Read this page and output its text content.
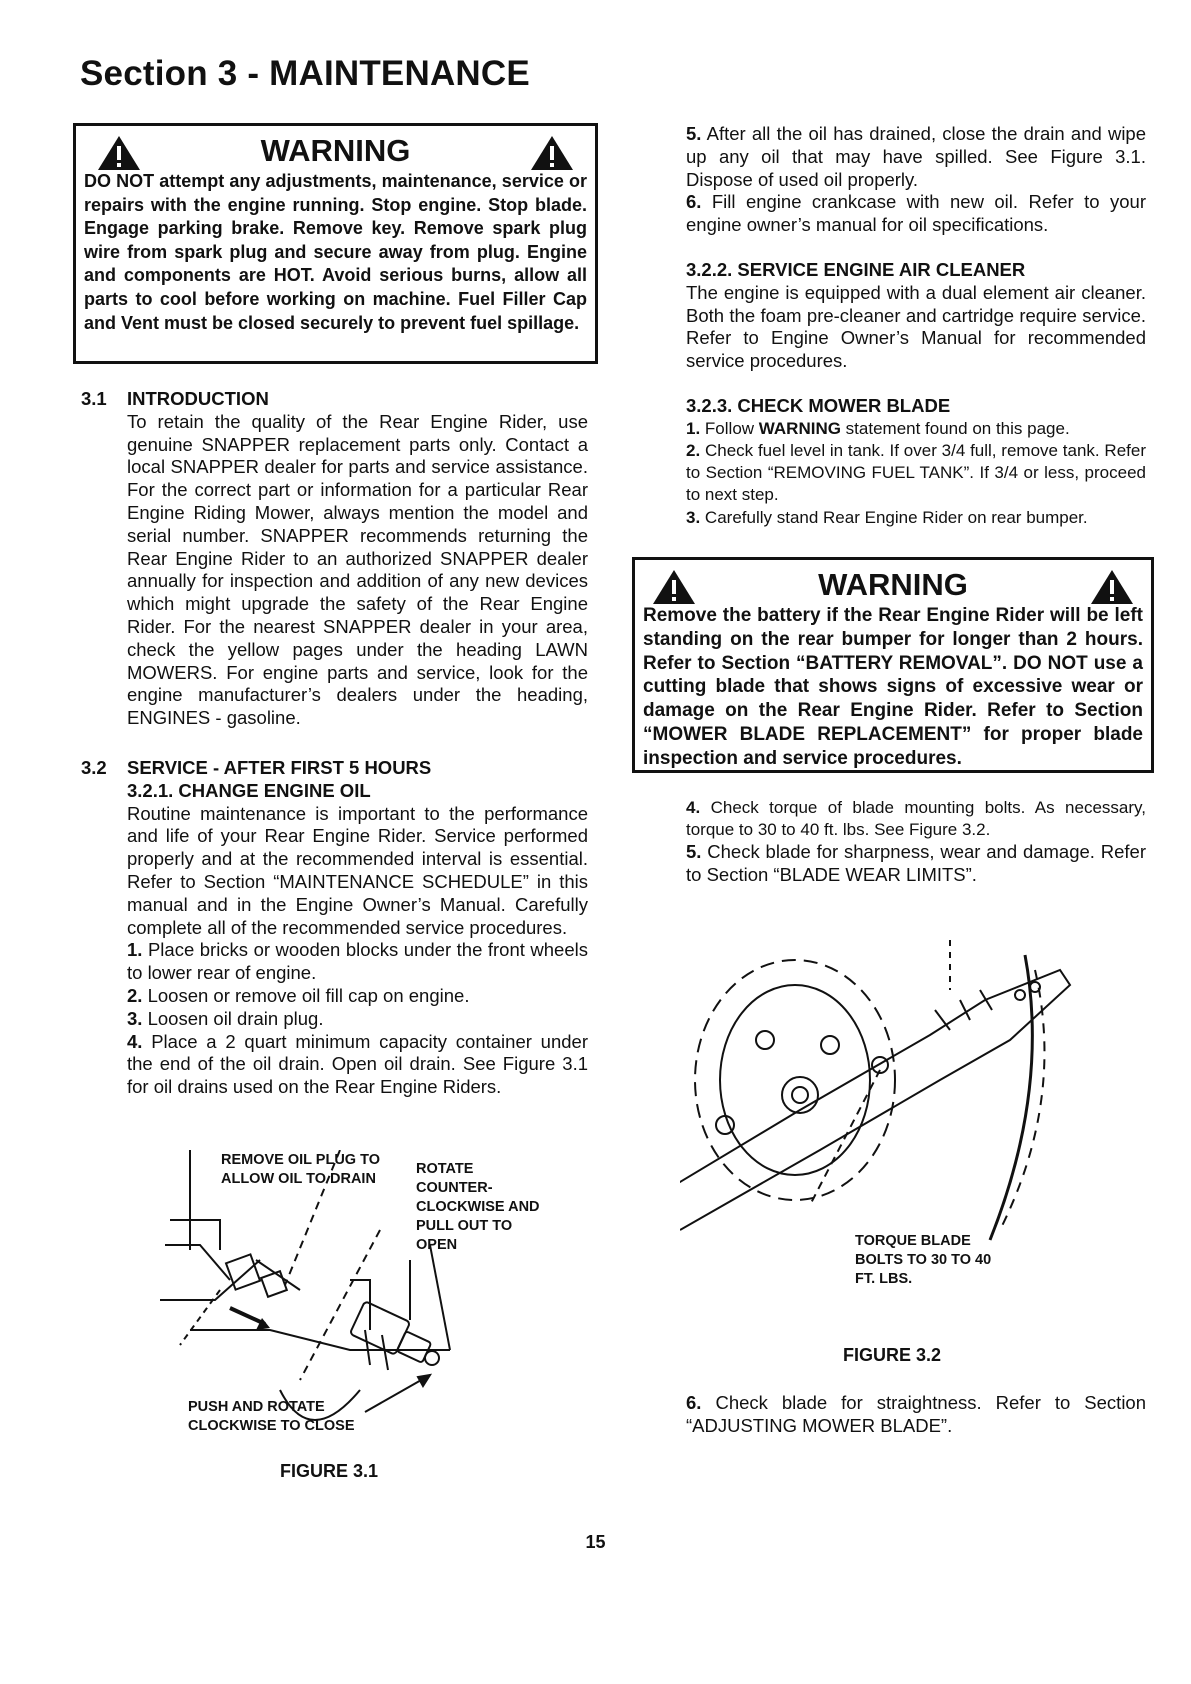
Section 3 - MAINTENANCE
WARNING
DO NOT attempt any adjustments, maintenance, service or repairs with the engine running. Stop engine. Stop blade. Engage parking brake. Remove key. Remove spark plug wire from spark plug and secure away from plug. Engine and components are HOT. Avoid serious burns, allow all parts to cool before working on machine. Fuel Filler Cap and Vent must be closed securely to prevent fuel spillage.
3.1 INTRODUCTION

To retain the quality of the Rear Engine Rider, use genuine SNAPPER replacement parts only. Contact a local SNAPPER dealer for parts and service assistance. For the correct part or information for a particular Rear Engine Riding Mower, always mention the model and serial number. SNAPPER recommends returning the Rear Engine Rider to an authorized SNAPPER dealer annually for inspection and addition of any new devices which might upgrade the safety of the Rear Engine Rider. For the nearest SNAPPER dealer in your area, check the yellow pages under the heading LAWN MOWERS. For engine parts and service, look for the engine manufacturer’s dealers under the heading, ENGINES - gasoline.

3.2 SERVICE - AFTER FIRST 5 HOURS

3.2.1. CHANGE ENGINE OIL

Routine maintenance is important to the performance and life of your Rear Engine Rider. Service performed properly and at the recommended interval is essential. Refer to Section “MAINTENANCE SCHEDULE” in this manual and in the Engine Owner’s Manual. Carefully complete all of the recommended service procedures.

1. Place bricks or wooden blocks under the front wheels to lower rear of engine.

2. Loosen or remove oil fill cap on engine.

3. Loosen oil drain plug.

4. Place a 2 quart minimum capacity container under the end of the oil drain. Open oil drain. See Figure 3.1 for oil drains used on the Rear Engine Riders.

REMOVE OIL PLUG TO ALLOW OIL TO DRAIN
ROTATE COUNTER-CLOCKWISE AND PULL OUT TO OPEN
PUSH AND ROTATE CLOCKWISE TO CLOSE
FIGURE 3.1

5. After all the oil has drained, close the drain and wipe up any oil that may have spilled. See Figure 3.1. Dispose of used oil properly.

6. Fill engine crankcase with new oil. Refer to your engine owner’s manual for oil specifications.

3.2.2. SERVICE ENGINE AIR CLEANER

The engine is equipped with a dual element air cleaner. Both the foam pre-cleaner and cartridge require service. Refer to Engine Owner’s Manual for recommended service procedures.

3.2.3. CHECK MOWER BLADE

1. Follow WARNING statement found on this page.

2. Check fuel level in tank. If over 3/4 full, remove tank. Refer to Section “REMOVING FUEL TANK”. If 3/4 or less, proceed to next step.

3. Carefully stand Rear Engine Rider on rear bumper.

WARNING
Remove the battery if the Rear Engine Rider will be left standing on the rear bumper for longer than 2 hours. Refer to Section “BATTERY REMOVAL”. DO NOT use a cutting blade that shows signs of excessive wear or damage on the Rear Engine Rider. Refer to Section “MOWER BLADE REPLACEMENT” for proper blade inspection and service procedures.

4. Check torque of blade mounting bolts. As necessary, torque to 30 to 40 ft. lbs. See Figure 3.2.

5. Check blade for sharpness, wear and damage. Refer to Section “BLADE WEAR LIMITS”.

TORQUE BLADE BOLTS TO 30 TO 40 FT. LBS.
FIGURE 3.2

6. Check blade for straightness. Refer to Section “ADJUSTING MOWER BLADE”.

15
